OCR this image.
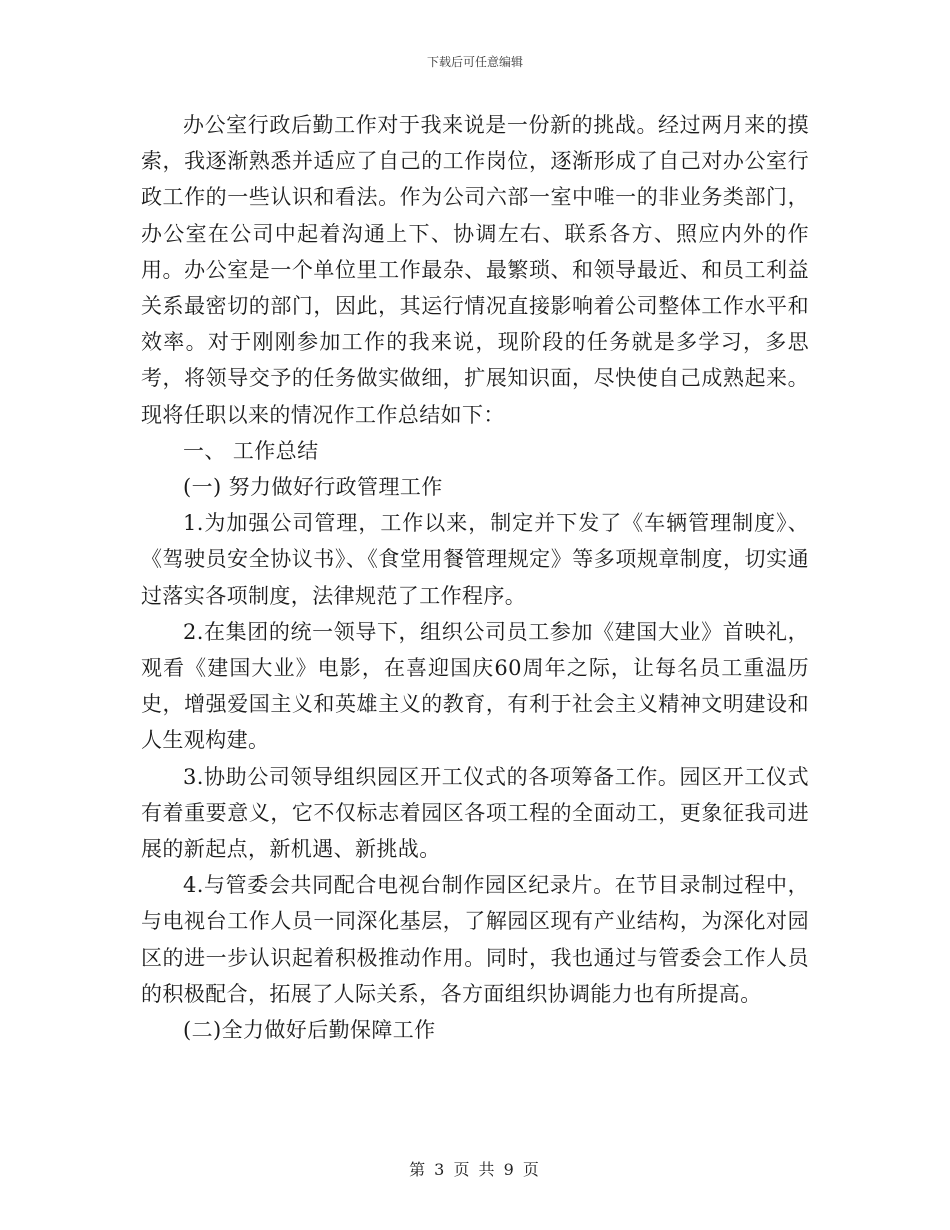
下载后可任意编辑

办公室行政后勤工作对于我来说是一份新的挑战。经过两月来的摸索，我逐渐熟悉并适应了自己的工作岗位，逐渐形成了自己对办公室行政工作的一些认识和看法。作为公司六部一室中唯一的非业务类部门，办公室在公司中起着沟通上下、协调左右、联系各方、照应内外的作用。办公室是一个单位里工作最杂、最繁琐、和领导最近、和员工利益关系最密切的部门，因此，其运行情况直接影响着公司整体工作水平和效率。对于刚刚参加工作的我来说，现阶段的任务就是多学习，多思考，将领导交予的任务做实做细，扩展知识面，尽快使自己成熟起来。现将任职以来的情况作工作总结如下：

一、 工作总结

(一) 努力做好行政管理工作

1.为加强公司管理，工作以来，制定并下发了《车辆管理制度》、《驾驶员安全协议书》、《食堂用餐管理规定》等多项规章制度，切实通过落实各项制度，法律规范了工作程序。

2.在集团的统一领导下，组织公司员工参加《建国大业》首映礼，观看《建国大业》电影，在喜迎国庆60周年之际，让每名员工重温历史，增强爱国主义和英雄主义的教育，有利于社会主义精神文明建设和人生观构建。

3.协助公司领导组织园区开工仪式的各项筹备工作。园区开工仪式有着重要意义，它不仅标志着园区各项工程的全面动工，更象征我司进展的新起点，新机遇、新挑战。

4.与管委会共同配合电视台制作园区纪录片。在节目录制过程中，与电视台工作人员一同深化基层，了解园区现有产业结构，为深化对园区的进一步认识起着积极推动作用。同时，我也通过与管委会工作人员的积极配合，拓展了人际关系，各方面组织协调能力也有所提高。

(二)全力做好后勤保障工作

第 3 页 共 9 页
